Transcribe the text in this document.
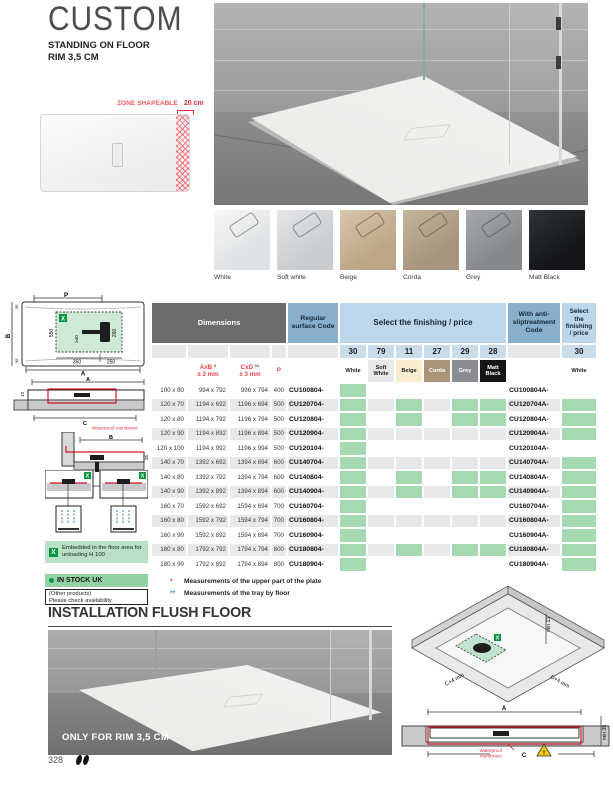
CUSTOM
STANDING ON FLOOR
RIM 3,5 CM
ZONE SHAPEABLE 20 cm
White	Soft white	Beige	Corda	Grey	Matt Black
P
B
35
35
X
550	260
≥40
350	250
A
A
13
C
Waterproof membrane
B
35
X	X
X
Embedded in the floor area for unloading H 100
IN STOCK UK
(Other products)
Please check availability
Dimensions	Regular surface Code	Select the finishing / price
With anti-sliptreatment Code
Select the finishing / price
30	79	11	27	29	28	30
AxB *
± 2 mm
CxD **
± 3 mm
P	White
Soft White
Beige	Corda	Grey
Matt Black
White
100 x 80	994 x 792	996 x 794 400 CU100804-	CU100804A-
120 x 70	1194 x 692	1196 x 694 500 CU120704-	CU120704A-
120 x 80	1194 x 792	1196 x 794 500 CU120804-	CU120804A-
120 x 90	1194 x 892	1196 x 894 500 CU120904-	CU120904A-
120 x 100	1194 x 992	1196 x 994 500 CU120104-	CU120104A-
140 x 70	1392 x 692	1394 x 694 600 CU140704-	CU140704A-
140 x 80	1392 x 792	1394 x 794 600 CU140804-	CU140804A-
140 x 90	1392 x 892	1394 x 894 600 CU140904-	CU140904A-
160 x 70	1592 x 692	1594 x 694 700 CU160704-	CU160704A-
160 x 80	1592 x 792	1594 x 794 700 CU160804-	CU160804A-
160 x 90	1592 x 892	1594 x 894 700 CU160904-	CU160904A-
180 x 80	1792 x 792	1794 x 794 800 CU180804-	CU180804A-
180 x 90	1792 x 892	1794 x 894 800 CU180904-	CU180904A-
*	Measurements of the upper part of the plate
**	Measurements of the tray by floor
INSTALLATION FLUSH FLOOR
ONLY FOR RIM 3,5 CM
X
min 13
C+4 mm	D+4 mm
A
Waterproof
membrane	!
C
min 35
328
